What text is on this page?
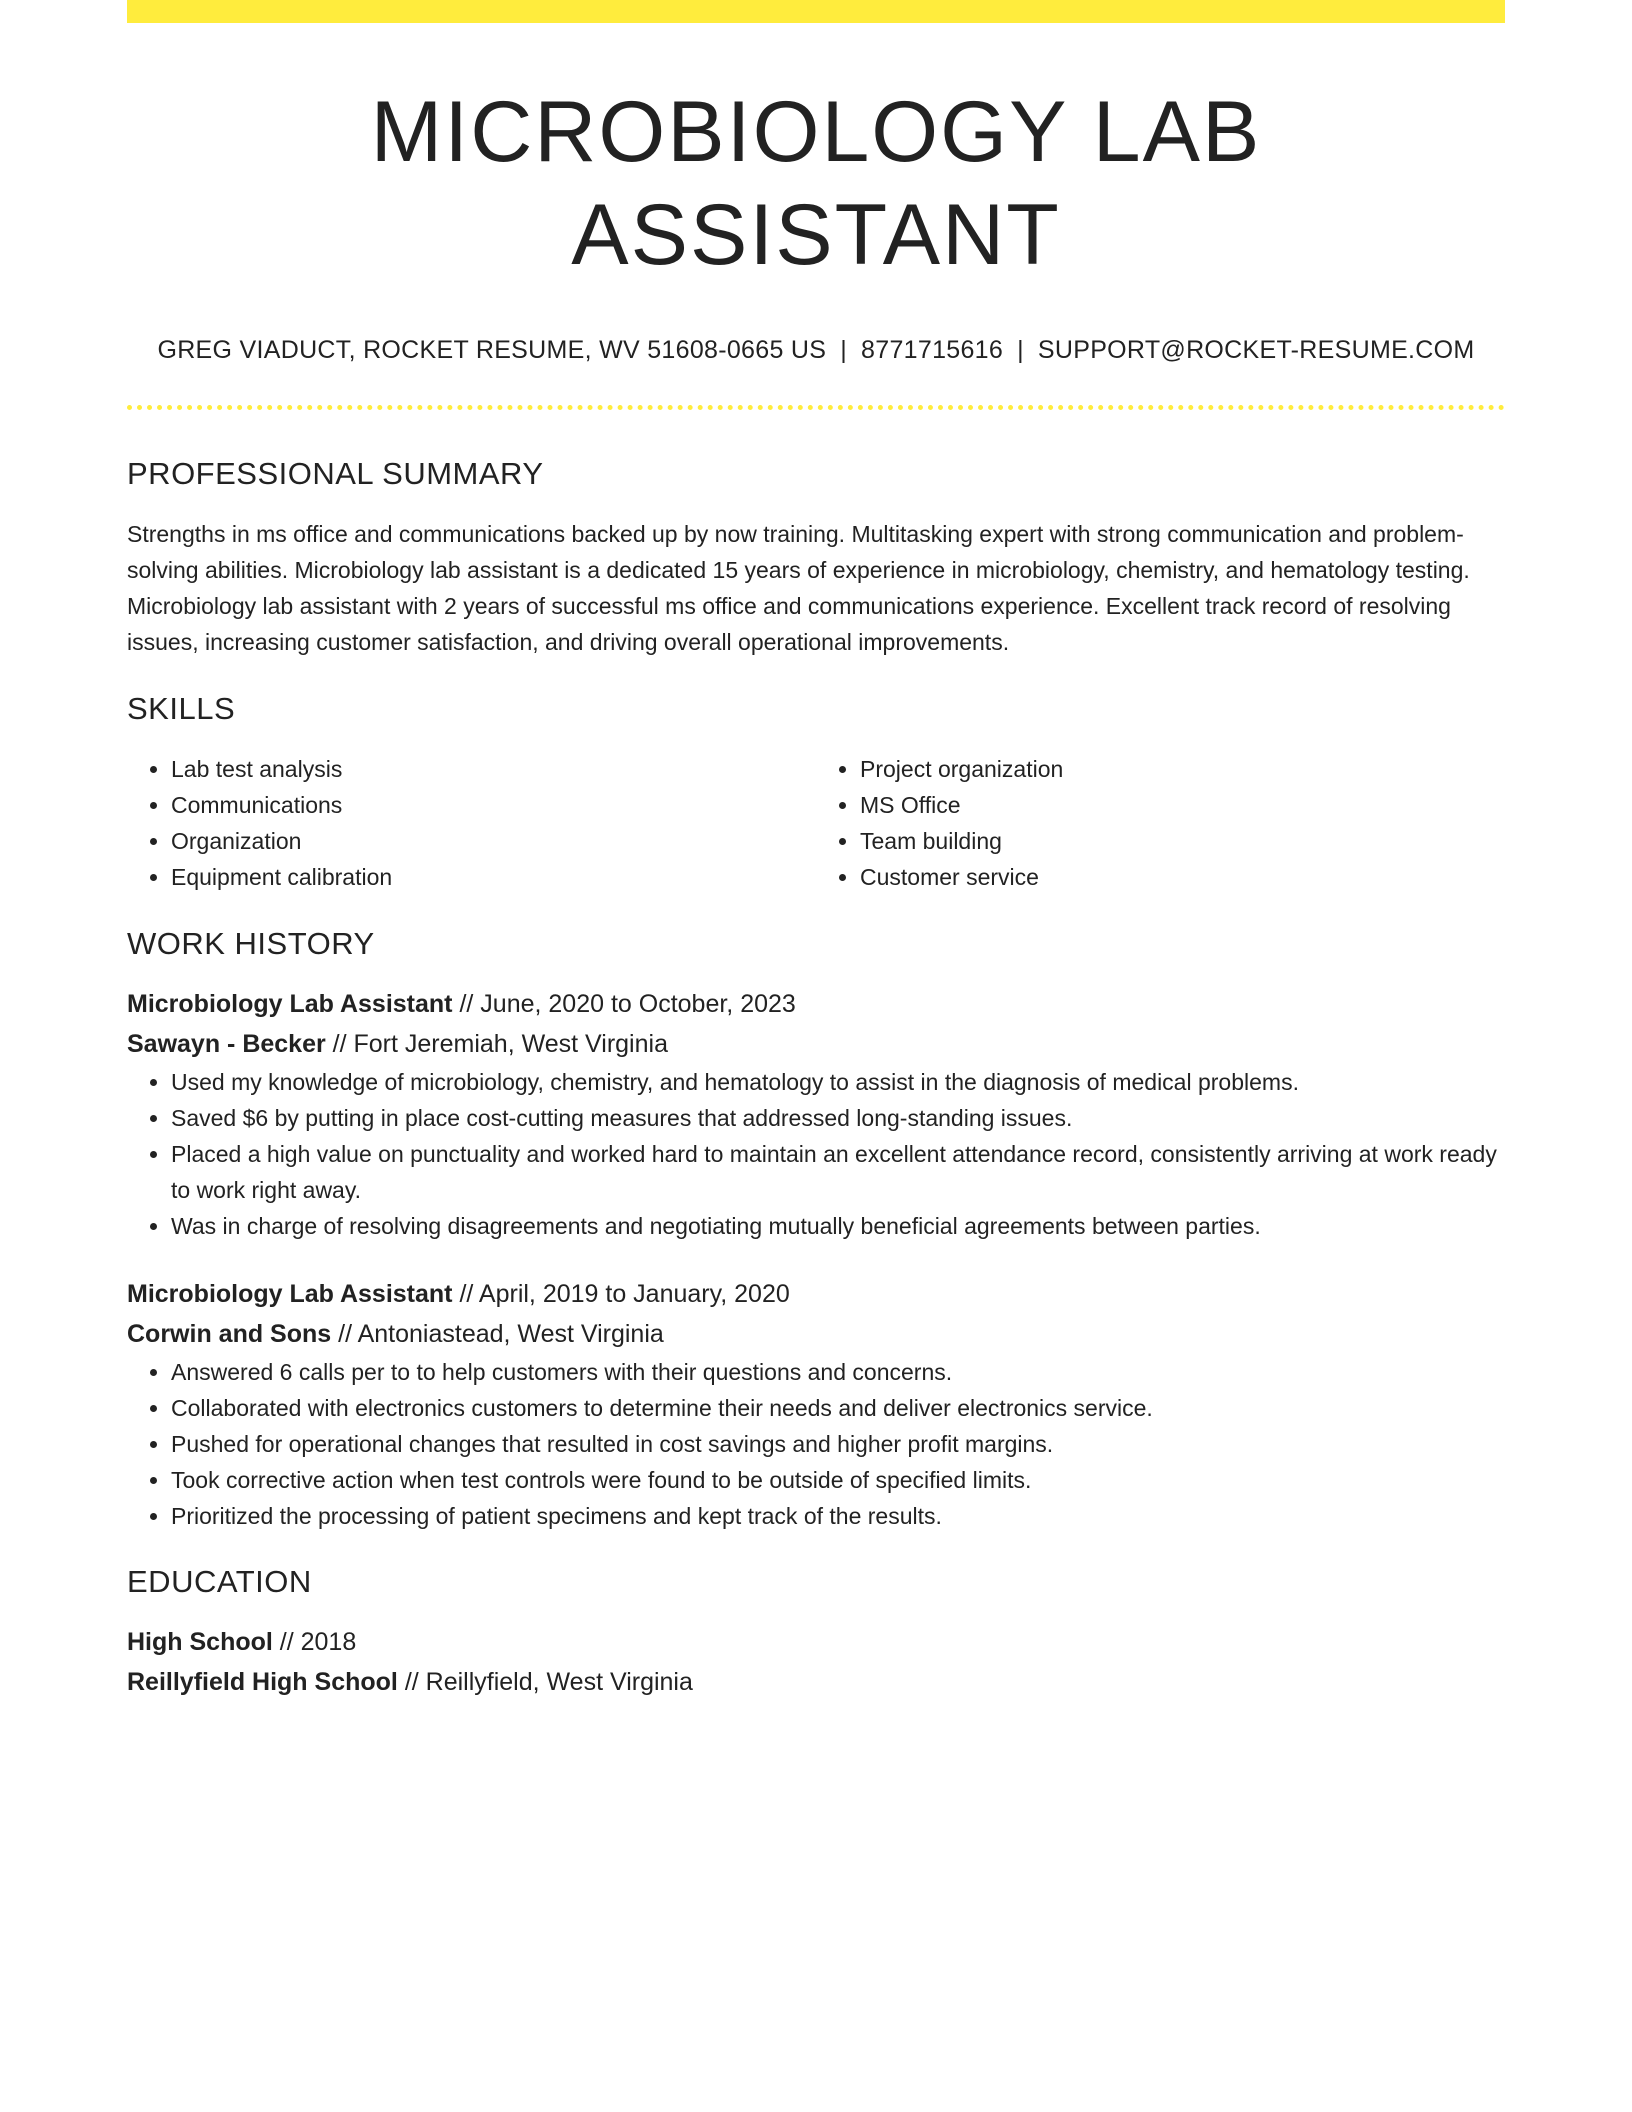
MICROBIOLOGY LAB ASSISTANT
GREG VIADUCT, ROCKET RESUME, WV 51608-0665 US | 8771715616 | SUPPORT@ROCKET-RESUME.COM
PROFESSIONAL SUMMARY
Strengths in ms office and communications backed up by now training. Multitasking expert with strong communication and problem-solving abilities. Microbiology lab assistant is a dedicated 15 years of experience in microbiology, chemistry, and hematology testing. Microbiology lab assistant with 2 years of successful ms office and communications experience. Excellent track record of resolving issues, increasing customer satisfaction, and driving overall operational improvements.
SKILLS
• Lab test analysis
• Communications
• Organization
• Equipment calibration
• Project organization
• MS Office
• Team building
• Customer service
WORK HISTORY
Microbiology Lab Assistant // June, 2020 to October, 2023
Sawayn - Becker // Fort Jeremiah, West Virginia
• Used my knowledge of microbiology, chemistry, and hematology to assist in the diagnosis of medical problems.
• Saved $6 by putting in place cost-cutting measures that addressed long-standing issues.
• Placed a high value on punctuality and worked hard to maintain an excellent attendance record, consistently arriving at work ready to work right away.
• Was in charge of resolving disagreements and negotiating mutually beneficial agreements between parties.
Microbiology Lab Assistant // April, 2019 to January, 2020
Corwin and Sons // Antoniastead, West Virginia
• Answered 6 calls per to to help customers with their questions and concerns.
• Collaborated with electronics customers to determine their needs and deliver electronics service.
• Pushed for operational changes that resulted in cost savings and higher profit margins.
• Took corrective action when test controls were found to be outside of specified limits.
• Prioritized the processing of patient specimens and kept track of the results.
EDUCATION
High School // 2018
Reillyfield High School // Reillyfield, West Virginia
